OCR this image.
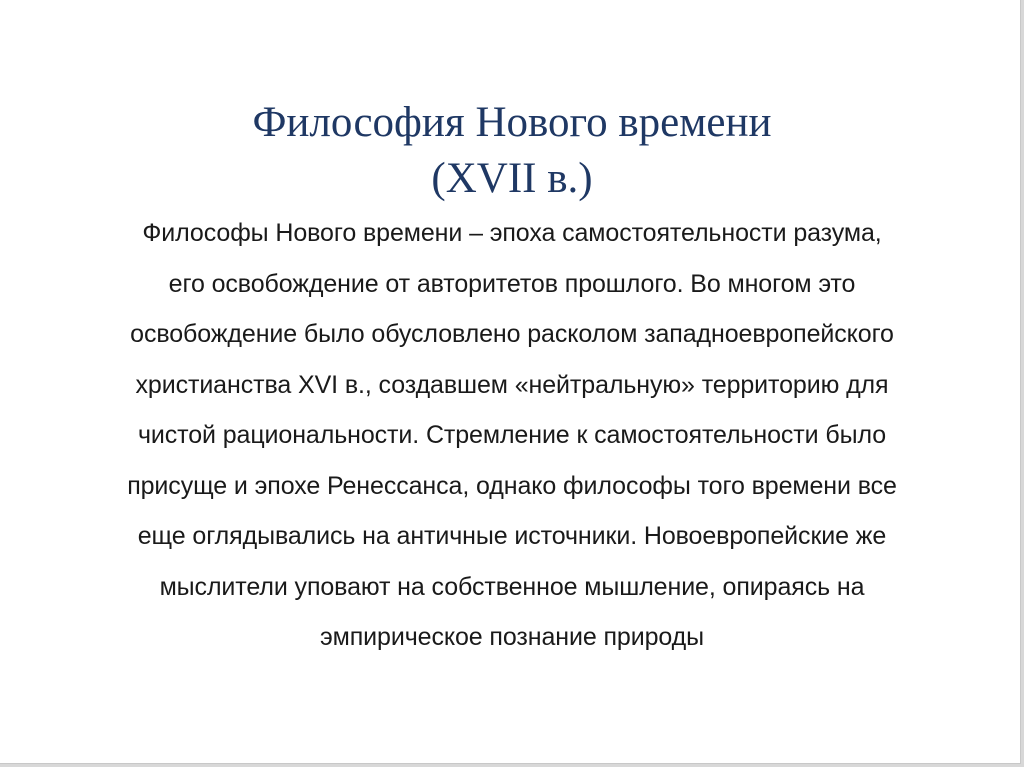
Философия Нового времени
(XVII в.)
Философы Нового времени – эпоха самостоятельности разума,
его освобождение от авторитетов прошлого. Во многом это
освобождение было обусловлено расколом западноевропейского
христианства XVI в., создавшем «нейтральную» территорию для
чистой рациональности. Стремление к самостоятельности было
присуще и эпохе Ренессанса, однако философы того времени все
еще оглядывались на античные источники. Новоевропейские же
мыслители уповают на собственное мышление, опираясь на
эмпирическое познание природы
